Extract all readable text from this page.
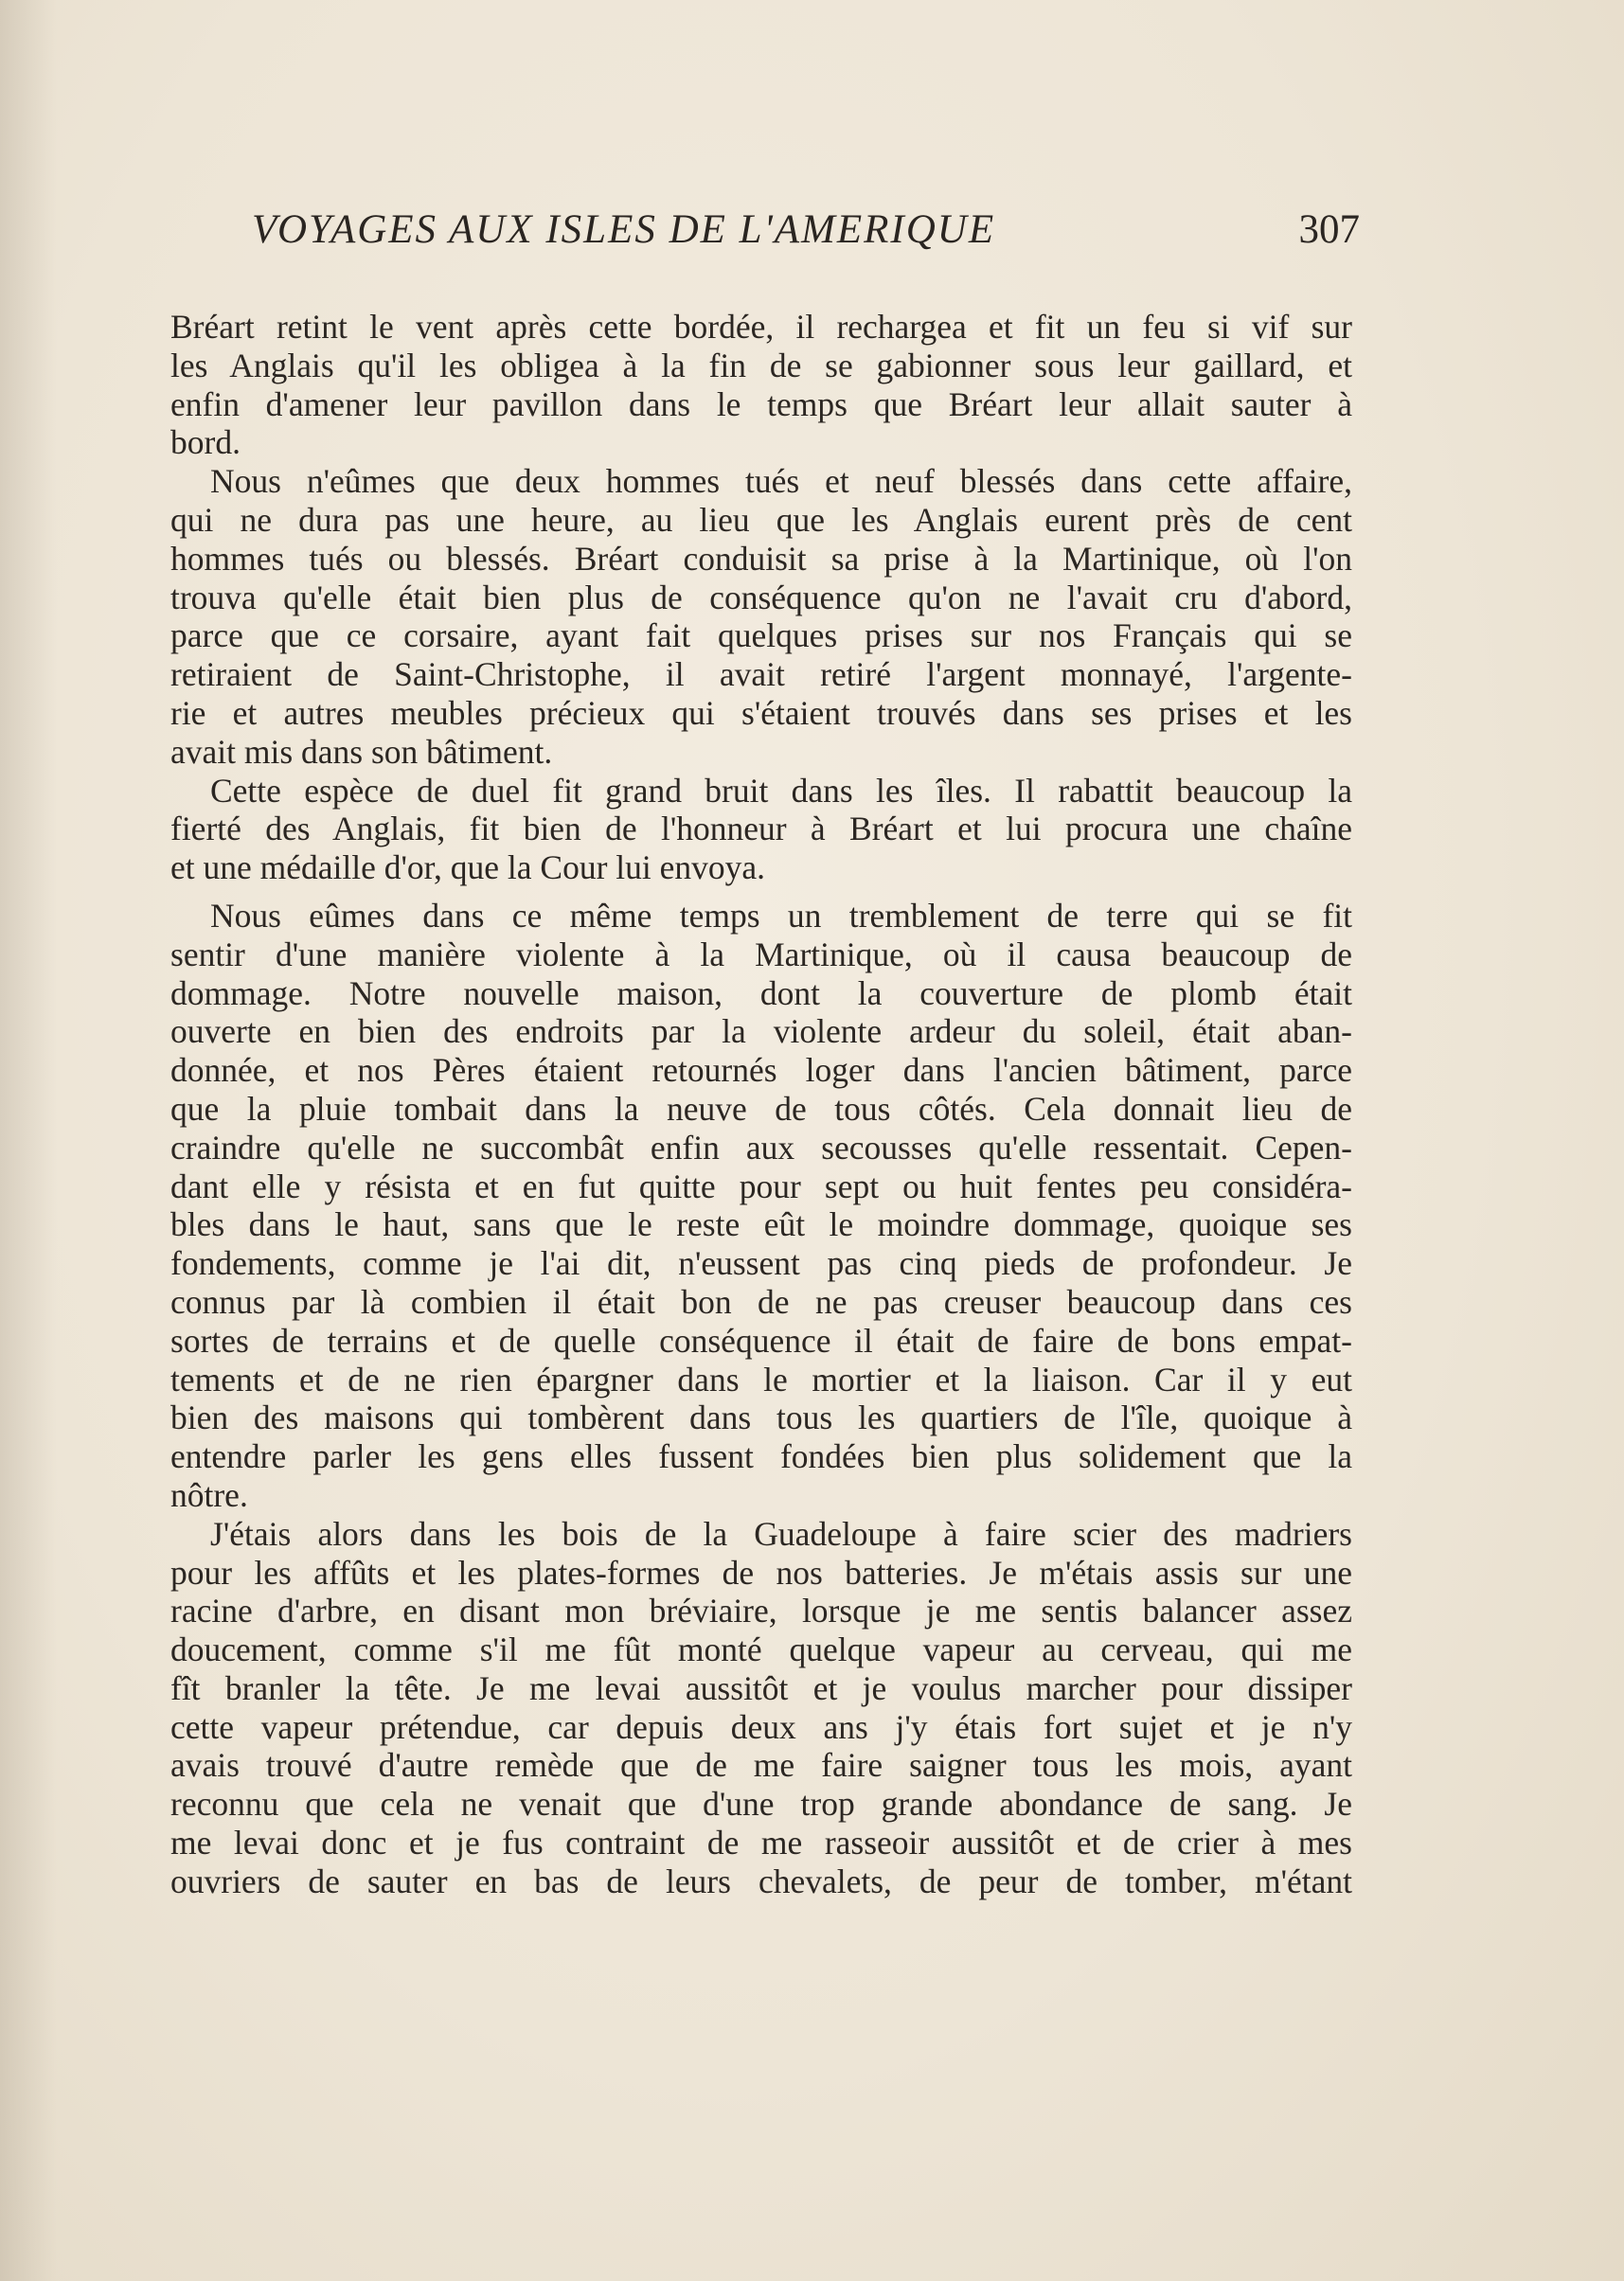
VOYAGES AUX ISLES DE L'AMERIQUE	307

Bréart retint le vent après cette bordée, il rechargea et fit un feu si vif sur
les Anglais qu'il les obligea à la fin de se gabionner sous leur gaillard, et
enfin d'amener leur pavillon dans le temps que Bréart leur allait sauter à
bord.

Nous n'eûmes que deux hommes tués et neuf blessés dans cette affaire,
qui ne dura pas une heure, au lieu que les Anglais eurent près de cent
hommes tués ou blessés. Bréart conduisit sa prise à la Martinique, où l'on
trouva qu'elle était bien plus de conséquence qu'on ne l'avait cru d'abord,
parce que ce corsaire, ayant fait quelques prises sur nos Français qui se
retiraient de Saint-Christophe, il avait retiré l'argent monnayé, l'argente-
rie et autres meubles précieux qui s'étaient trouvés dans ses prises et les
avait mis dans son bâtiment.

Cette espèce de duel fit grand bruit dans les îles. Il rabattit beaucoup la
fierté des Anglais, fit bien de l'honneur à Bréart et lui procura une chaîne
et une médaille d'or, que la Cour lui envoya.

Nous eûmes dans ce même temps un tremblement de terre qui se fit
sentir d'une manière violente à la Martinique, où il causa beaucoup de
dommage. Notre nouvelle maison, dont la couverture de plomb était
ouverte en bien des endroits par la violente ardeur du soleil, était aban-
donnée, et nos Pères étaient retournés loger dans l'ancien bâtiment, parce
que la pluie tombait dans la neuve de tous côtés. Cela donnait lieu de
craindre qu'elle ne succombât enfin aux secousses qu'elle ressentait. Cepen-
dant elle y résista et en fut quitte pour sept ou huit fentes peu considéra-
bles dans le haut, sans que le reste eût le moindre dommage, quoique ses
fondements, comme je l'ai dit, n'eussent pas cinq pieds de profondeur. Je
connus par là combien il était bon de ne pas creuser beaucoup dans ces
sortes de terrains et de quelle conséquence il était de faire de bons empat-
tements et de ne rien épargner dans le mortier et la liaison. Car il y eut
bien des maisons qui tombèrent dans tous les quartiers de l'île, quoique à
entendre parler les gens elles fussent fondées bien plus solidement que la
nôtre.

J'étais alors dans les bois de la Guadeloupe à faire scier des madriers
pour les affûts et les plates-formes de nos batteries. Je m'étais assis sur une
racine d'arbre, en disant mon bréviaire, lorsque je me sentis balancer assez
doucement, comme s'il me fût monté quelque vapeur au cerveau, qui me
fît branler la tête. Je me levai aussitôt et je voulus marcher pour dissiper
cette vapeur prétendue, car depuis deux ans j'y étais fort sujet et je n'y
avais trouvé d'autre remède que de me faire saigner tous les mois, ayant
reconnu que cela ne venait que d'une trop grande abondance de sang. Je
me levai donc et je fus contraint de me rasseoir aussitôt et de crier à mes
ouvriers de sauter en bas de leurs chevalets, de peur de tomber, m'étant
